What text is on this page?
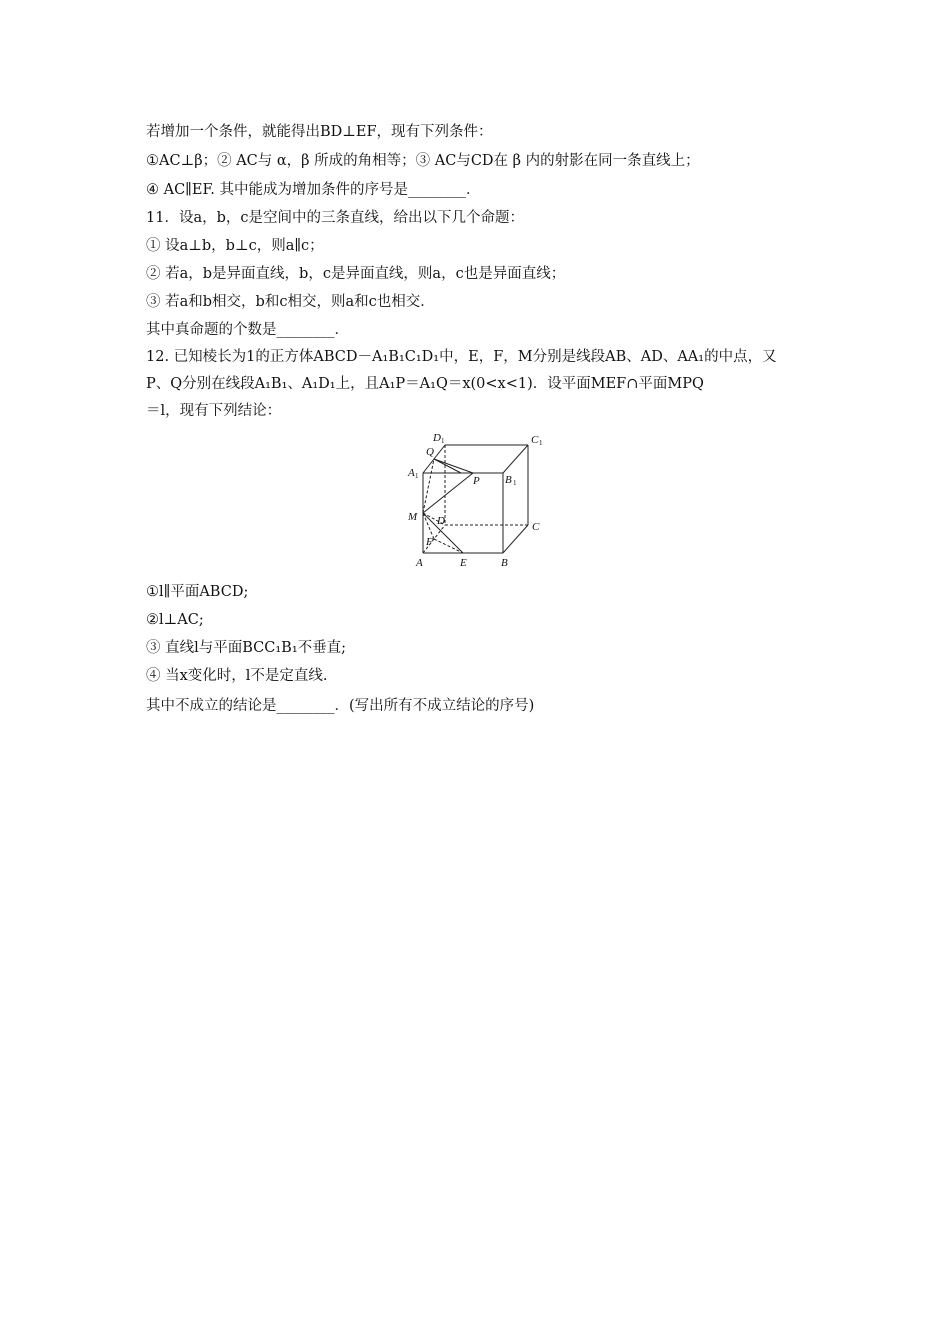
若增加一个条件，就能得出BD⊥EF，现有下列条件：
①AC⊥β；② AC与 α，β 所成的角相等；③ AC与CD在 β 内的射影在同一条直线上；
④ AC∥EF. 其中能成为增加条件的序号是________．
11．设a，b，c是空间中的三条直线，给出以下几个命题：
① 设a⊥b，b⊥c，则a∥c；
② 若a，b是异面直线，b，c是异面直线，则a，c也是异面直线；
③ 若a和b相交，b和c相交，则a和c也相交．
其中真命题的个数是________．
12. 已知棱长为1的正方体ABCD－A₁B₁C₁D₁中，E，F，M分别是线段AB、AD、AA₁的中点，又
P、Q分别在线段A₁B₁、A₁D₁上，且A₁P＝A₁Q＝x(0<x<1)．设平面MEF∩平面MPQ
＝l，现有下列结论：
D 1	C 1
Q
A 1	P B 1
M D	C
F
A	E	B
①l∥平面ABCD;
②l⊥AC;
③ 直线l与平面BCC₁B₁不垂直;
④ 当x变化时，l不是定直线.
其中不成立的结论是________．(写出所有不成立结论的序号)
